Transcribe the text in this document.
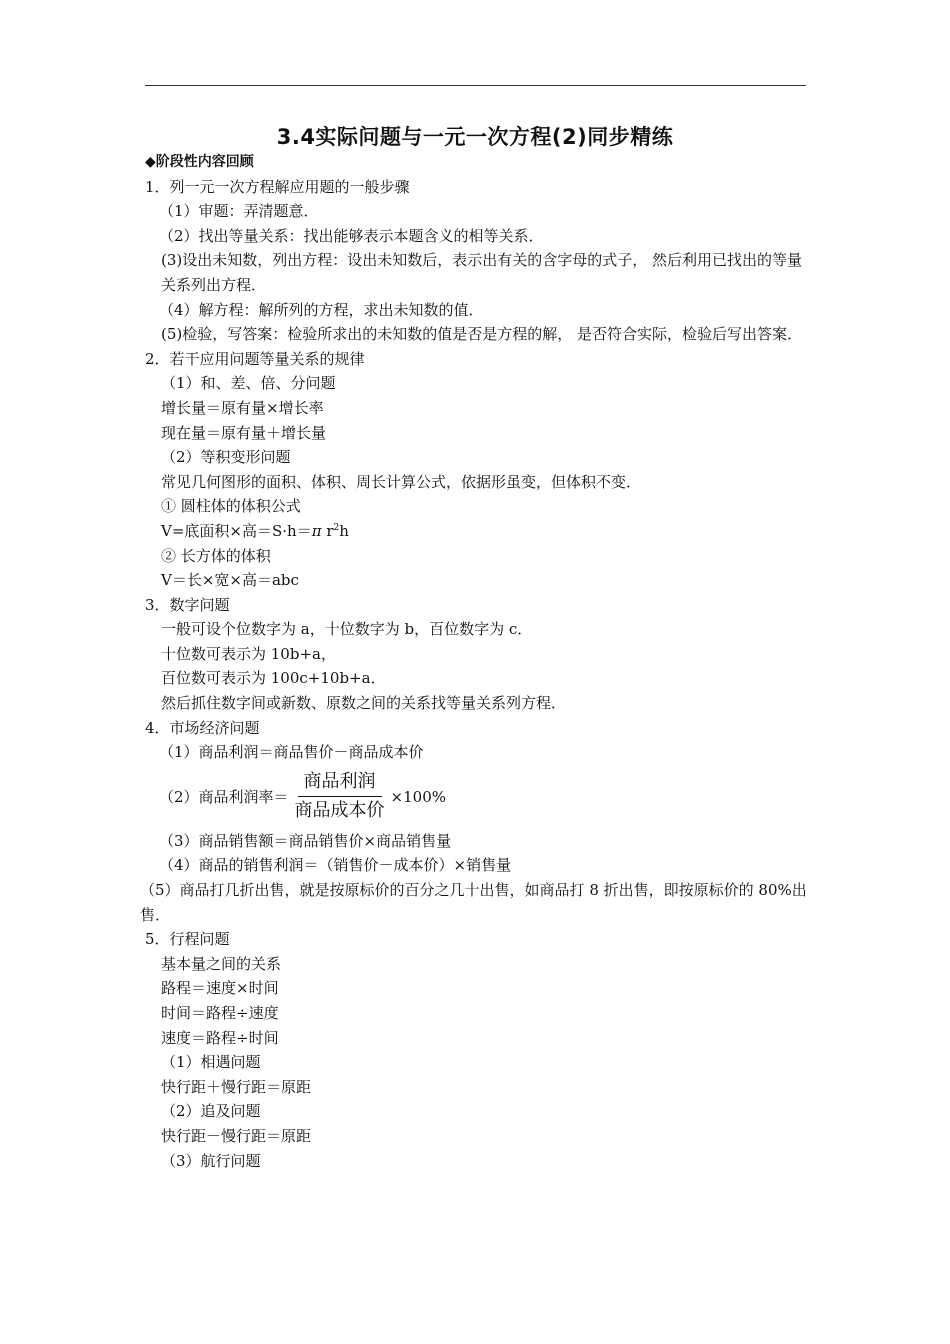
3.4实际问题与一元一次方程(2)同步精练
◆阶段性内容回顾
1．列一元一次方程解应用题的一般步骤
（1）审题：弄清题意．
（2）找出等量关系：找出能够表示本题含义的相等关系．
(3)设出未知数，列出方程：设出未知数后，表示出有关的含字母的式子， 然后利用已找出的等量关系列出方程．
（4）解方程：解所列的方程，求出未知数的值．
(5)检验，写答案：检验所求出的未知数的值是否是方程的解， 是否符合实际，检验后写出答案．
2．若干应用问题等量关系的规律
（1）和、差、倍、分问题
增长量＝原有量×增长率
现在量＝原有量＋增长量
（2）等积变形问题
常见几何图形的面积、体积、周长计算公式，依据形虽变，但体积不变．
① 圆柱体的体积公式
V=底面积×高＝S·h＝π $r^2h$
② 长方体的体积
V＝长×宽×高＝abc
3．数字问题
一般可设个位数字为 a，十位数字为 b，百位数字为 c．
十位数可表示为 10b+a，
百位数可表示为 100c+10b+a．
然后抓住数字间或新数、原数之间的关系找等量关系列方程．
4．市场经济问题
（1）商品利润＝商品售价－商品成本价
（2）商品利润率＝ $\frac{\text{商品利润}}{\text{商品成本价}} \times 100\%$
（3）商品销售额＝商品销售价×商品销售量
（4）商品的销售利润＝（销售价－成本价）×销售量
（5）商品打几折出售，就是按原标价的百分之几十出售，如商品打 8 折出售，即按原标价的 80%出售．
5．行程问题
基本量之间的关系
路程＝速度×时间
时间＝路程÷速度
速度＝路程÷时间
（1）相遇问题
快行距＋慢行距＝原距
（2）追及问题
快行距－慢行距＝原距
（3）航行问题
